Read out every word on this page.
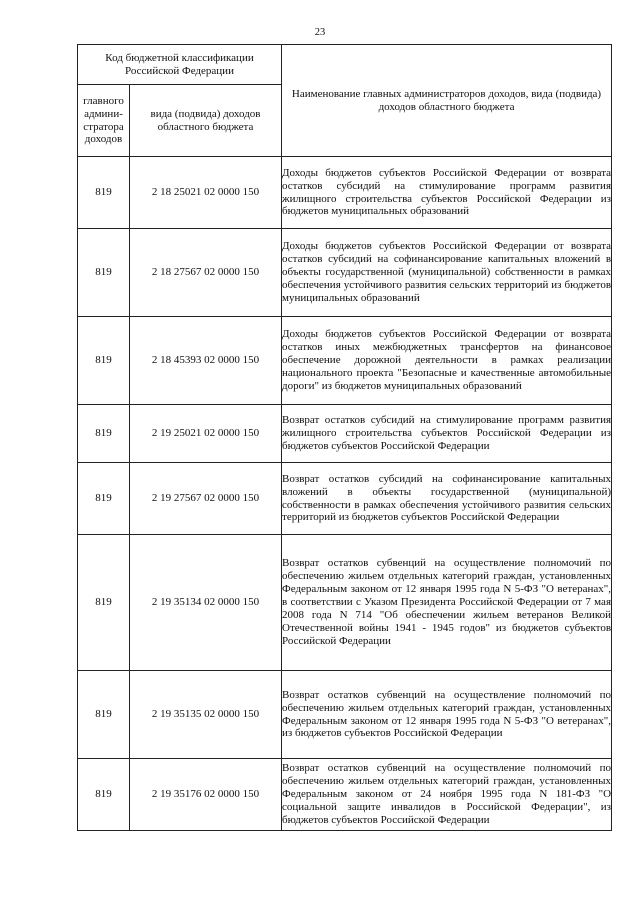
23
Код бюджетной классификации Российской Федерации		Наименование главных администраторов доходов, вида (подвида) доходов областного бюджета
главного админи-стратора доходов	вида (подвида) доходов областного бюджета	
819	2 18 25021 02 0000 150	Доходы бюджетов субъектов Российской Федерации от возврата остатков субсидий на стимулирование программ развития жилищного строительства субъектов Российской Федерации из бюджетов муниципальных образований
819	2 18 27567 02 0000 150	Доходы бюджетов субъектов Российской Федерации от возврата остатков субсидий на софинансирование капитальных вложений в объекты государственной (муниципальной) собственности в рамках обеспечения устойчивого развития сельских территорий из бюджетов муниципальных образований
819	2 18 45393 02 0000 150	Доходы бюджетов субъектов Российской Федерации от возврата остатков иных межбюджетных трансфертов на финансовое обеспечение дорожной деятельности в рамках реализации национального проекта "Безопасные и качественные автомобильные дороги" из бюджетов муниципальных образований
819	2 19 25021 02 0000 150	Возврат остатков субсидий на стимулирование программ развития жилищного строительства субъектов Российской Федерации из бюджетов субъектов Российской Федерации
819	2 19 27567 02 0000 150	Возврат остатков субсидий на софинансирование капитальных вложений в объекты государственной (муниципальной) собственности в рамках обеспечения устойчивого развития сельских территорий из бюджетов субъектов Российской Федерации
819	2 19 35134 02 0000 150	Возврат остатков субвенций на осуществление полномочий по обеспечению жильем отдельных категорий граждан, установленных Федеральным законом от 12 января 1995 года N 5-ФЗ "О ветеранах", в соответствии с Указом Президента Российской Федерации от 7 мая 2008 года N 714 "Об обеспечении жильем ветеранов Великой Отечественной войны 1941 - 1945 годов" из бюджетов субъектов Российской Федерации
819	2 19 35135 02 0000 150	Возврат остатков субвенций на осуществление полномочий по обеспечению жильем отдельных категорий граждан, установленных Федеральным законом от 12 января 1995 года N 5-ФЗ "О ветеранах", из бюджетов субъектов Российской Федерации
819	2 19 35176 02 0000 150	Возврат остатков субвенций на осуществление полномочий по обеспечению жильем отдельных категорий граждан, установленных Федеральным законом от 24 ноября 1995 года N 181-ФЗ "О социальной защите инвалидов в Российской Федерации", из бюджетов субъектов Российской Федерации
